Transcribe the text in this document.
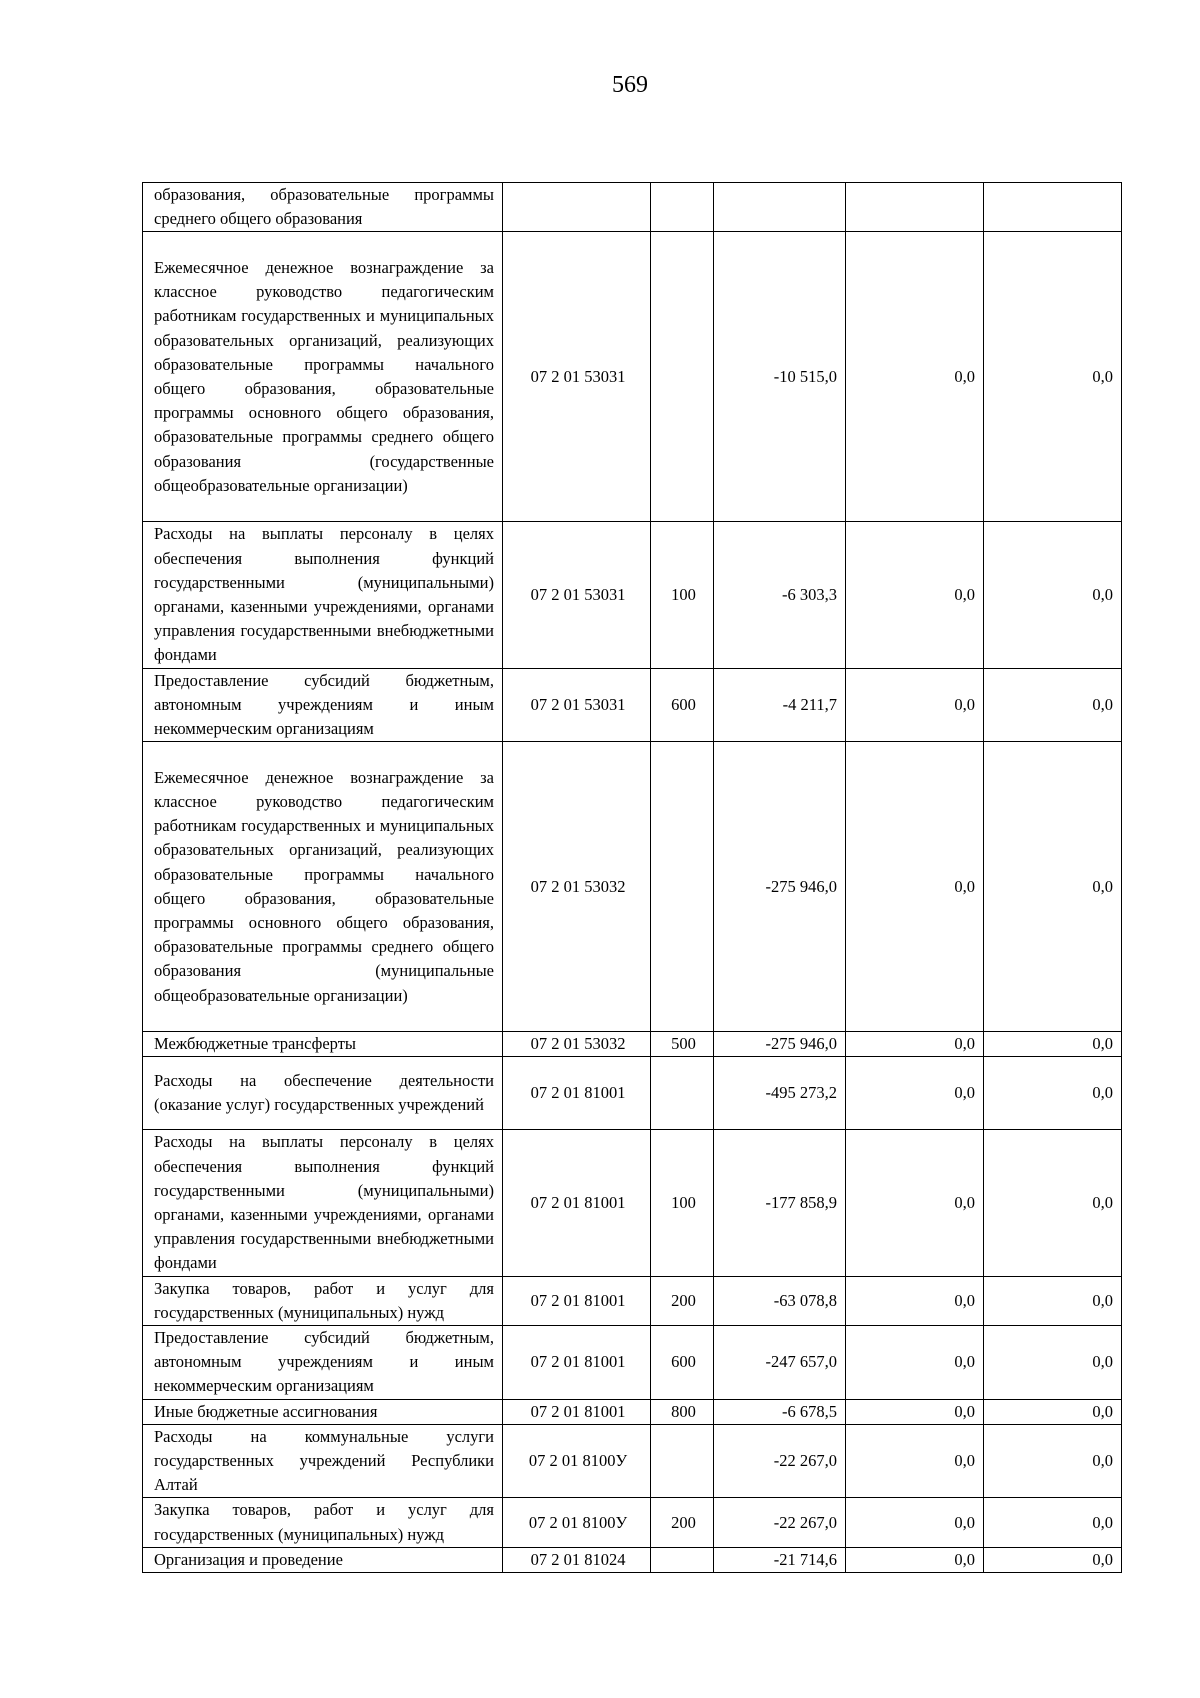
569
образования, образовательные программы среднего общего образования					
Ежемесячное денежное вознаграждение за классное руководство педагогическим работникам государственных и муниципальных образовательных организаций, реализующих образовательные программы начального общего образования, образовательные программы основного общего образования, образовательные программы среднего общего образования (государственные общеобразовательные организации)	07 2 01 53031		-10 515,0	0,0	0,0
Расходы на выплаты персоналу в целях обеспечения выполнения функций государственными (муниципальными) органами, казенными учреждениями, органами управления государственными внебюджетными фондами	07 2 01 53031	100	-6 303,3	0,0	0,0
Предоставление субсидий бюджетным, автономным учреждениям и иным некоммерческим организациям	07 2 01 53031	600	-4 211,7	0,0	0,0
Ежемесячное денежное вознаграждение за классное руководство педагогическим работникам государственных и муниципальных образовательных организаций, реализующих образовательные программы начального общего образования, образовательные программы основного общего образования, образовательные программы среднего общего образования (муниципальные общеобразовательные организации)	07 2 01 53032		-275 946,0	0,0	0,0
Межбюджетные трансферты	07 2 01 53032	500	-275 946,0	0,0	0,0
Расходы на обеспечение деятельности (оказание услуг) государственных учреждений	07 2 01 81001		-495 273,2	0,0	0,0
Расходы на выплаты персоналу в целях обеспечения выполнения функций государственными (муниципальными) органами, казенными учреждениями, органами управления государственными внебюджетными фондами	07 2 01 81001	100	-177 858,9	0,0	0,0
Закупка товаров, работ и услуг для государственных (муниципальных) нужд	07 2 01 81001	200	-63 078,8	0,0	0,0
Предоставление субсидий бюджетным, автономным учреждениям и иным некоммерческим организациям	07 2 01 81001	600	-247 657,0	0,0	0,0
Иные бюджетные ассигнования	07 2 01 81001	800	-6 678,5	0,0	0,0
Расходы на коммунальные услуги государственных учреждений Республики Алтай	07 2 01 8100У		-22 267,0	0,0	0,0
Закупка товаров, работ и услуг для государственных (муниципальных) нужд	07 2 01 8100У	200	-22 267,0	0,0	0,0
Организация и проведение	07 2 01 81024		-21 714,6	0,0	0,0
